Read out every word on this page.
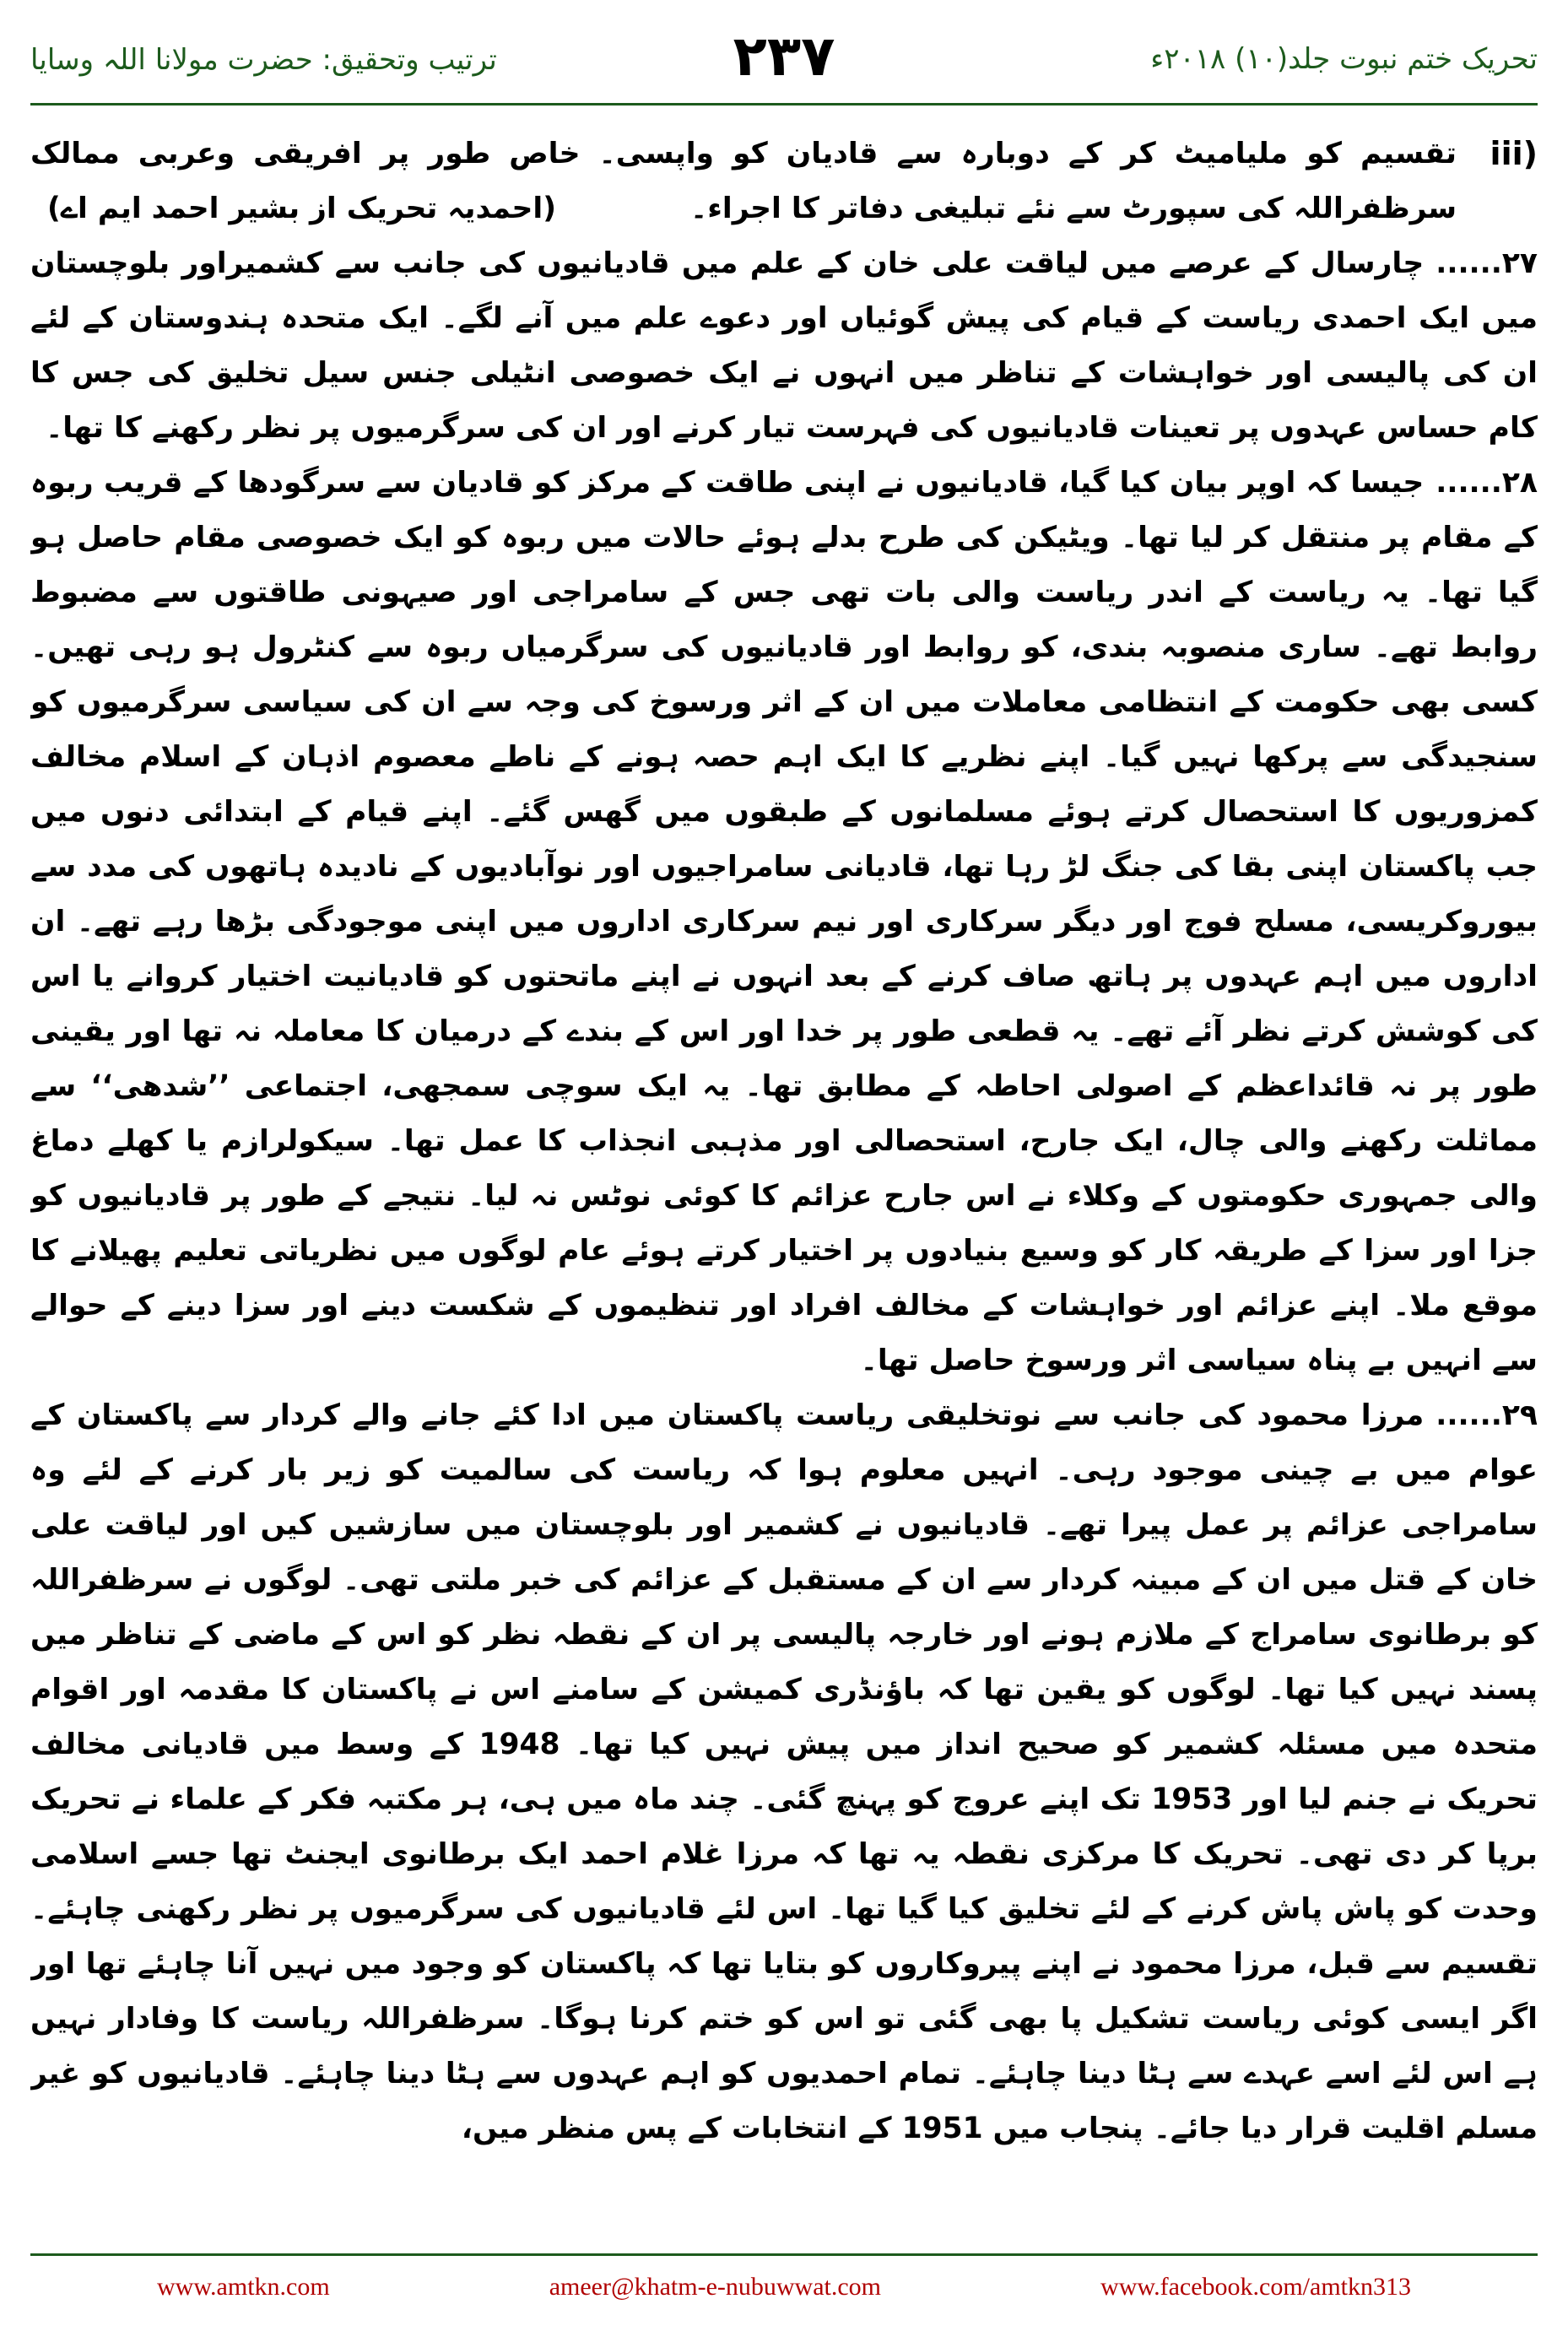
تحریک ختم نبوت جلد(۱۰) ۲۰۱۸ء
۲۳۷
ترتیب وتحقیق: حضرت مولانا اللہ وسایا
iii)
تقسیم کو ملیامیٹ کر کے دوبارہ سے قادیان کو واپسی۔ خاص طور پر افریقی وعربی ممالک سرظفراللہ کی سپورٹ سے نئے تبلیغی دفاتر کا اجراء۔
(احمدیہ تحریک از بشیر احمد ایم اے)

۲۷......چارسال کے عرصے میں لیاقت علی خان کے علم میں قادیانیوں کی جانب سے کشمیراور بلوچستان میں ایک احمدی ریاست کے قیام کی پیش گوئیاں اور دعوے علم میں آنے لگے۔ ایک متحدہ ہندوستان کے لئے ان کی پالیسی اور خواہشات کے تناظر میں انہوں نے ایک خصوصی انٹیلی جنس سیل تخلیق کی جس کا کام حساس عہدوں پر تعینات قادیانیوں کی فہرست تیار کرنے اور ان کی سرگرمیوں پر نظر رکھنے کا تھا۔

۲۸......جیسا کہ اوپر بیان کیا گیا، قادیانیوں نے اپنی طاقت کے مرکز کو قادیان سے سرگودھا کے قریب ربوہ کے مقام پر منتقل کر لیا تھا۔ ویٹیکن کی طرح بدلے ہوئے حالات میں ربوہ کو ایک خصوصی مقام حاصل ہو گیا تھا۔ یہ ریاست کے اندر ریاست والی بات تھی جس کے سامراجی اور صیہونی طاقتوں سے مضبوط روابط تھے۔ ساری منصوبہ بندی، کو روابط اور قادیانیوں کی سرگرمیاں ربوہ سے کنٹرول ہو رہی تھیں۔ کسی بھی حکومت کے انتظامی معاملات میں ان کے اثر ورسوخ کی وجہ سے ان کی سیاسی سرگرمیوں کو سنجیدگی سے پرکھا نہیں گیا۔ اپنے نظریے کا ایک اہم حصہ ہونے کے ناطے معصوم اذہان کے اسلام مخالف کمزوریوں کا استحصال کرتے ہوئے مسلمانوں کے طبقوں میں گھس گئے۔ اپنے قیام کے ابتدائی دنوں میں جب پاکستان اپنی بقا کی جنگ لڑ رہا تھا، قادیانی سامراجیوں اور نوآبادیوں کے نادیدہ ہاتھوں کی مدد سے بیوروکریسی، مسلح فوج اور دیگر سرکاری اور نیم سرکاری اداروں میں اپنی موجودگی بڑھا رہے تھے۔ ان اداروں میں اہم عہدوں پر ہاتھ صاف کرنے کے بعد انہوں نے اپنے ماتحتوں کو قادیانیت اختیار کروانے یا اس کی کوشش کرتے نظر آئے تھے۔ یہ قطعی طور پر خدا اور اس کے بندے کے درمیان کا معاملہ نہ تھا اور یقینی طور پر نہ قائداعظم کے اصولی احاطہ کے مطابق تھا۔ یہ ایک سوچی سمجھی، اجتماعی ’’شدھی‘‘ سے مماثلت رکھنے والی چال، ایک جارح، استحصالی اور مذہبی انجذاب کا عمل تھا۔ سیکولرازم یا کھلے دماغ والی جمہوری حکومتوں کے وکلاء نے اس جارح عزائم کا کوئی نوٹس نہ لیا۔ نتیجے کے طور پر قادیانیوں کو جزا اور سزا کے طریقہ کار کو وسیع بنیادوں پر اختیار کرتے ہوئے عام لوگوں میں نظریاتی تعلیم پھیلانے کا موقع ملا۔ اپنے عزائم اور خواہشات کے مخالف افراد اور تنظیموں کے شکست دینے اور سزا دینے کے حوالے سے انہیں بے پناہ سیاسی اثر ورسوخ حاصل تھا۔

۲۹......مرزا محمود کی جانب سے نوتخلیقی ریاست پاکستان میں ادا کئے جانے والے کردار سے پاکستان کے عوام میں بے چینی موجود رہی۔ انہیں معلوم ہوا کہ ریاست کی سالمیت کو زیر بار کرنے کے لئے وہ سامراجی عزائم پر عمل پیرا تھے۔ قادیانیوں نے کشمیر اور بلوچستان میں سازشیں کیں اور لیاقت علی خان کے قتل میں ان کے مبینہ کردار سے ان کے مستقبل کے عزائم کی خبر ملتی تھی۔ لوگوں نے سرظفراللہ کو برطانوی سامراج کے ملازم ہونے اور خارجہ پالیسی پر ان کے نقطہ نظر کو اس کے ماضی کے تناظر میں پسند نہیں کیا تھا۔ لوگوں کو یقین تھا کہ باؤنڈری کمیشن کے سامنے اس نے پاکستان کا مقدمہ اور اقوام متحدہ میں مسئلہ کشمیر کو صحیح انداز میں پیش نہیں کیا تھا۔ 1948 کے وسط میں قادیانی مخالف تحریک نے جنم لیا اور 1953 تک اپنے عروج کو پہنچ گئی۔ چند ماہ میں ہی، ہر مکتبہ فکر کے علماء نے تحریک برپا کر دی تھی۔ تحریک کا مرکزی نقطہ یہ تھا کہ مرزا غلام احمد ایک برطانوی ایجنٹ تھا جسے اسلامی وحدت کو پاش پاش کرنے کے لئے تخلیق کیا گیا تھا۔ اس لئے قادیانیوں کی سرگرمیوں پر نظر رکھنی چاہئے۔ تقسیم سے قبل، مرزا محمود نے اپنے پیروکاروں کو بتایا تھا کہ پاکستان کو وجود میں نہیں آنا چاہئے تھا اور اگر ایسی کوئی ریاست تشکیل پا بھی گئی تو اس کو ختم کرنا ہوگا۔ سرظفراللہ ریاست کا وفادار نہیں ہے اس لئے اسے عہدے سے ہٹا دینا چاہئے۔ تمام احمدیوں کو اہم عہدوں سے ہٹا دینا چاہئے۔ قادیانیوں کو غیر مسلم اقلیت قرار دیا جائے۔ پنجاب میں 1951 کے انتخابات کے پس منظر میں،

www.amtkn.com	ameer@khatm-e-nubuwwat.com	www.facebook.com/amtkn313
